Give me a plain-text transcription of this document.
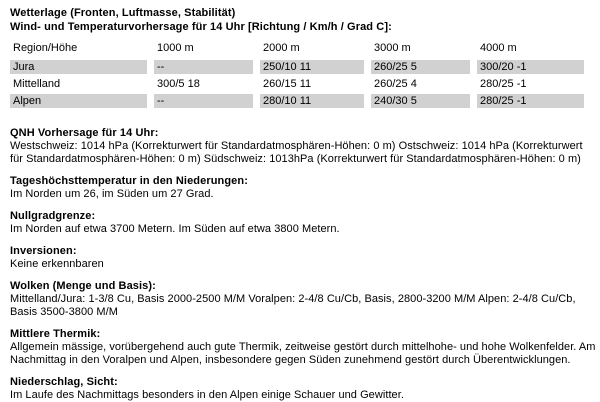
Wetterlage (Fronten, Luftmasse, Stabilität)
Wind- und Temperaturvorhersage für 14 Uhr [Richtung / Km/h / Grad C]:
Region/Höhe	1000 m	2000 m	3000 m	4000 m
Jura	--	250/10 11	260/25 5	300/20 -1
Mittelland	300/5 18	260/15 11	260/25 4	280/25 -1
Alpen	--	280/10 11	240/30 5	280/25 -1
QNH Vorhersage für 14 Uhr:
Westschweiz: 1014 hPa (Korrekturwert für Standardatmosphären-Höhen: 0 m) Ostschweiz: 1014 hPa (Korrekturwert für Standardatmosphären-Höhen: 0 m) Südschweiz: 1013hPa (Korrekturwert für Standardatmosphären-Höhen: 0 m)
Tageshöchsttemperatur in den Niederungen:
Im Norden um 26, im Süden um 27 Grad.
Nullgradgrenze:
Im Norden auf etwa 3700 Metern. Im Süden auf etwa 3800 Metern.
Inversionen:
Keine erkennbaren
Wolken (Menge und Basis):
Mittelland/Jura: 1-3/8 Cu, Basis 2000-2500 M/M Voralpen: 2-4/8 Cu/Cb, Basis, 2800-3200 M/M Alpen: 2-4/8 Cu/Cb, Basis 3500-3800 M/M
Mittlere Thermik:
Allgemein mässige, vorübergehend auch gute Thermik, zeitweise gestört durch mittelhohe- und hohe Wolkenfelder. Am Nachmittag in den Voralpen und Alpen, insbesondere gegen Süden zunehmend gestört durch Überentwicklungen.
Niederschlag, Sicht:
Im Laufe des Nachmittags besonders in den Alpen einige Schauer und Gewitter.
